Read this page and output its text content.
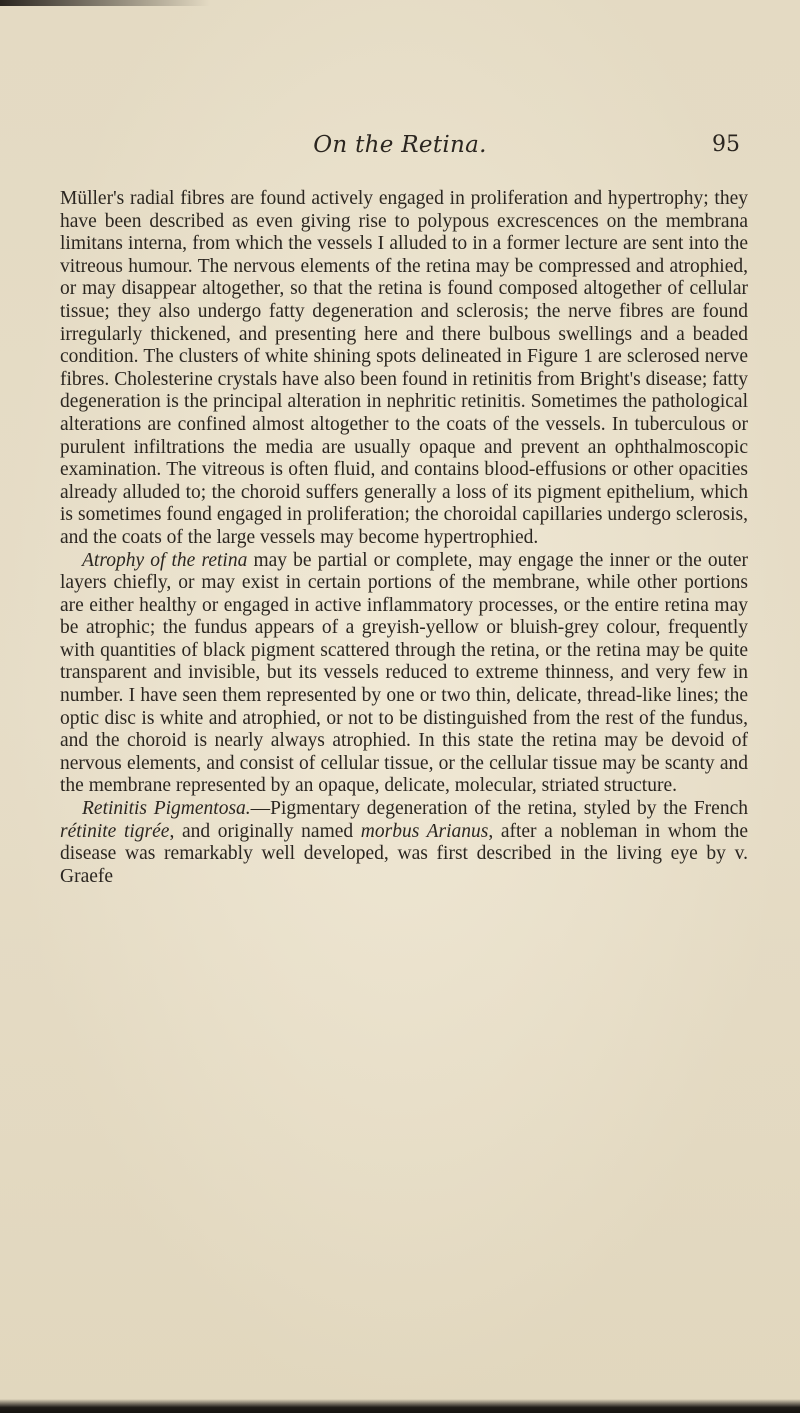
On the Retina.	95

Müller's radial fibres are found actively engaged in proliferation and hypertrophy; they have been described as even giving rise to polypous excrescences on the membrana limitans interna, from which the vessels I alluded to in a former lecture are sent into the vitreous humour. The nervous elements of the retina may be compressed and atrophied, or may disappear altogether, so that the retina is found composed altogether of cellular tissue; they also undergo fatty degeneration and sclerosis; the nerve fibres are found irregularly thickened, and presenting here and there bulbous swellings and a beaded condition. The clusters of white shining spots delineated in Figure 1 are sclerosed nerve fibres. Cholesterine crystals have also been found in retinitis from Bright's disease; fatty degeneration is the principal alteration in nephritic retinitis. Sometimes the pathological alterations are confined almost altogether to the coats of the vessels. In tuberculous or purulent infiltrations the media are usually opaque and prevent an ophthalmoscopic examination. The vitreous is often fluid, and contains blood-effusions or other opacities already alluded to; the choroid suffers generally a loss of its pigment epithelium, which is sometimes found engaged in proliferation; the choroidal capillaries undergo sclerosis, and the coats of the large vessels may become hypertrophied.

Atrophy of the retina may be partial or complete, may engage the inner or the outer layers chiefly, or may exist in certain portions of the membrane, while other portions are either healthy or engaged in active inflammatory processes, or the entire retina may be atrophic; the fundus appears of a greyish-yellow or bluish-grey colour, frequently with quantities of black pigment scattered through the retina, or the retina may be quite transparent and invisible, but its vessels reduced to extreme thinness, and very few in number. I have seen them represented by one or two thin, delicate, thread-like lines; the optic disc is white and atrophied, or not to be distinguished from the rest of the fundus, and the choroid is nearly always atrophied. In this state the retina may be devoid of nervous elements, and consist of cellular tissue, or the cellular tissue may be scanty and the membrane represented by an opaque, delicate, molecular, striated structure.

Retinitis Pigmentosa.—Pigmentary degeneration of the retina, styled by the French rétinite tigrée, and originally named morbus Arianus, after a nobleman in whom the disease was remarkably well developed, was first described in the living eye by v. Graefe
